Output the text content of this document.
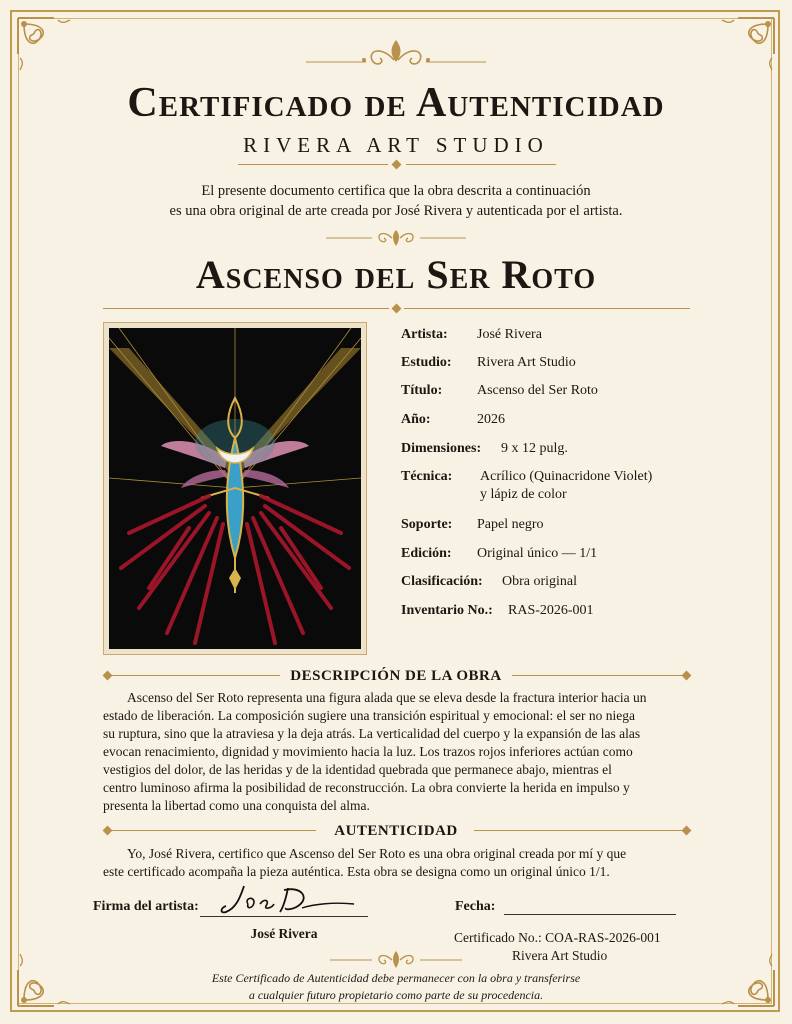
Certificado de Autenticidad
RIVERA ART STUDIO
El presente documento certifica que la obra descrita a continuación
es una obra original de arte creada por José Rivera y autenticada por el artista.
Ascenso del Ser Roto
Artista: José Rivera
Estudio: Rivera Art Studio
Título: Ascenso del Ser Roto
Año:	2026
Dimensiones: 9 x 12 pulg.
Técnica: Acrílico (Quinacridone Violet)
y lápiz de color
Soporte: Papel negro
Edición: Original único — 1/1
Clasificación: Obra original
Inventario No.: RAS-2026-001
DESCRIPCIÓN DE LA OBRA
Ascenso del Ser Roto representa una figura alada que se eleva desde la fractura interior hacia un
estado de liberación. La composición sugiere una transición espiritual y emocional: el ser no niega
su ruptura, sino que la atraviesa y la deja atrás. La verticalidad del cuerpo y la expansión de las alas
evocan renacimiento, dignidad y movimiento hacia la luz. Los trazos rojos inferiores actúan como
vestigios del dolor, de las heridas y de la identidad quebrada que permanece abajo, mientras el
centro luminoso afirma la posibilidad de reconstrucción. La obra convierte la herida en impulso y
presenta la libertad como una conquista del alma.
AUTENTICIDAD
Yo, José Rivera, certifico que Ascenso del Ser Roto es una obra original creada por mí y que
este certificado acompaña la pieza auténtica. Esta obra se designa como un original único 1/1.
Firma del artista:
José Rivera
Fecha:
Certificado No.: COA-RAS-2026-001
Rivera Art Studio
Este Certificado de Autenticidad debe permanecer con la obra y transferirse
a cualquier futuro propietario como parte de su procedencia.
